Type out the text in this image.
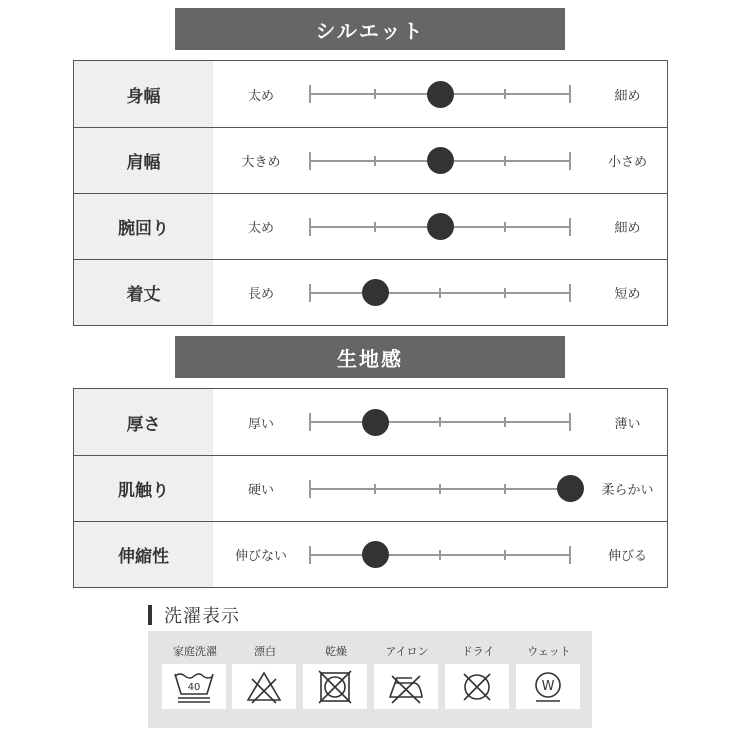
シルエット
身幅	太め	細め
肩幅	大きめ	小さめ
腕回り	太め	細め
着丈	長め	短め
生地感
厚さ	厚い	薄い
肌触り	硬い	柔らかい
伸縮性	伸びない	伸びる
洗濯表示
家庭洗濯
40
漂白	乾燥	アイロン	ドライ	ウェット
W
